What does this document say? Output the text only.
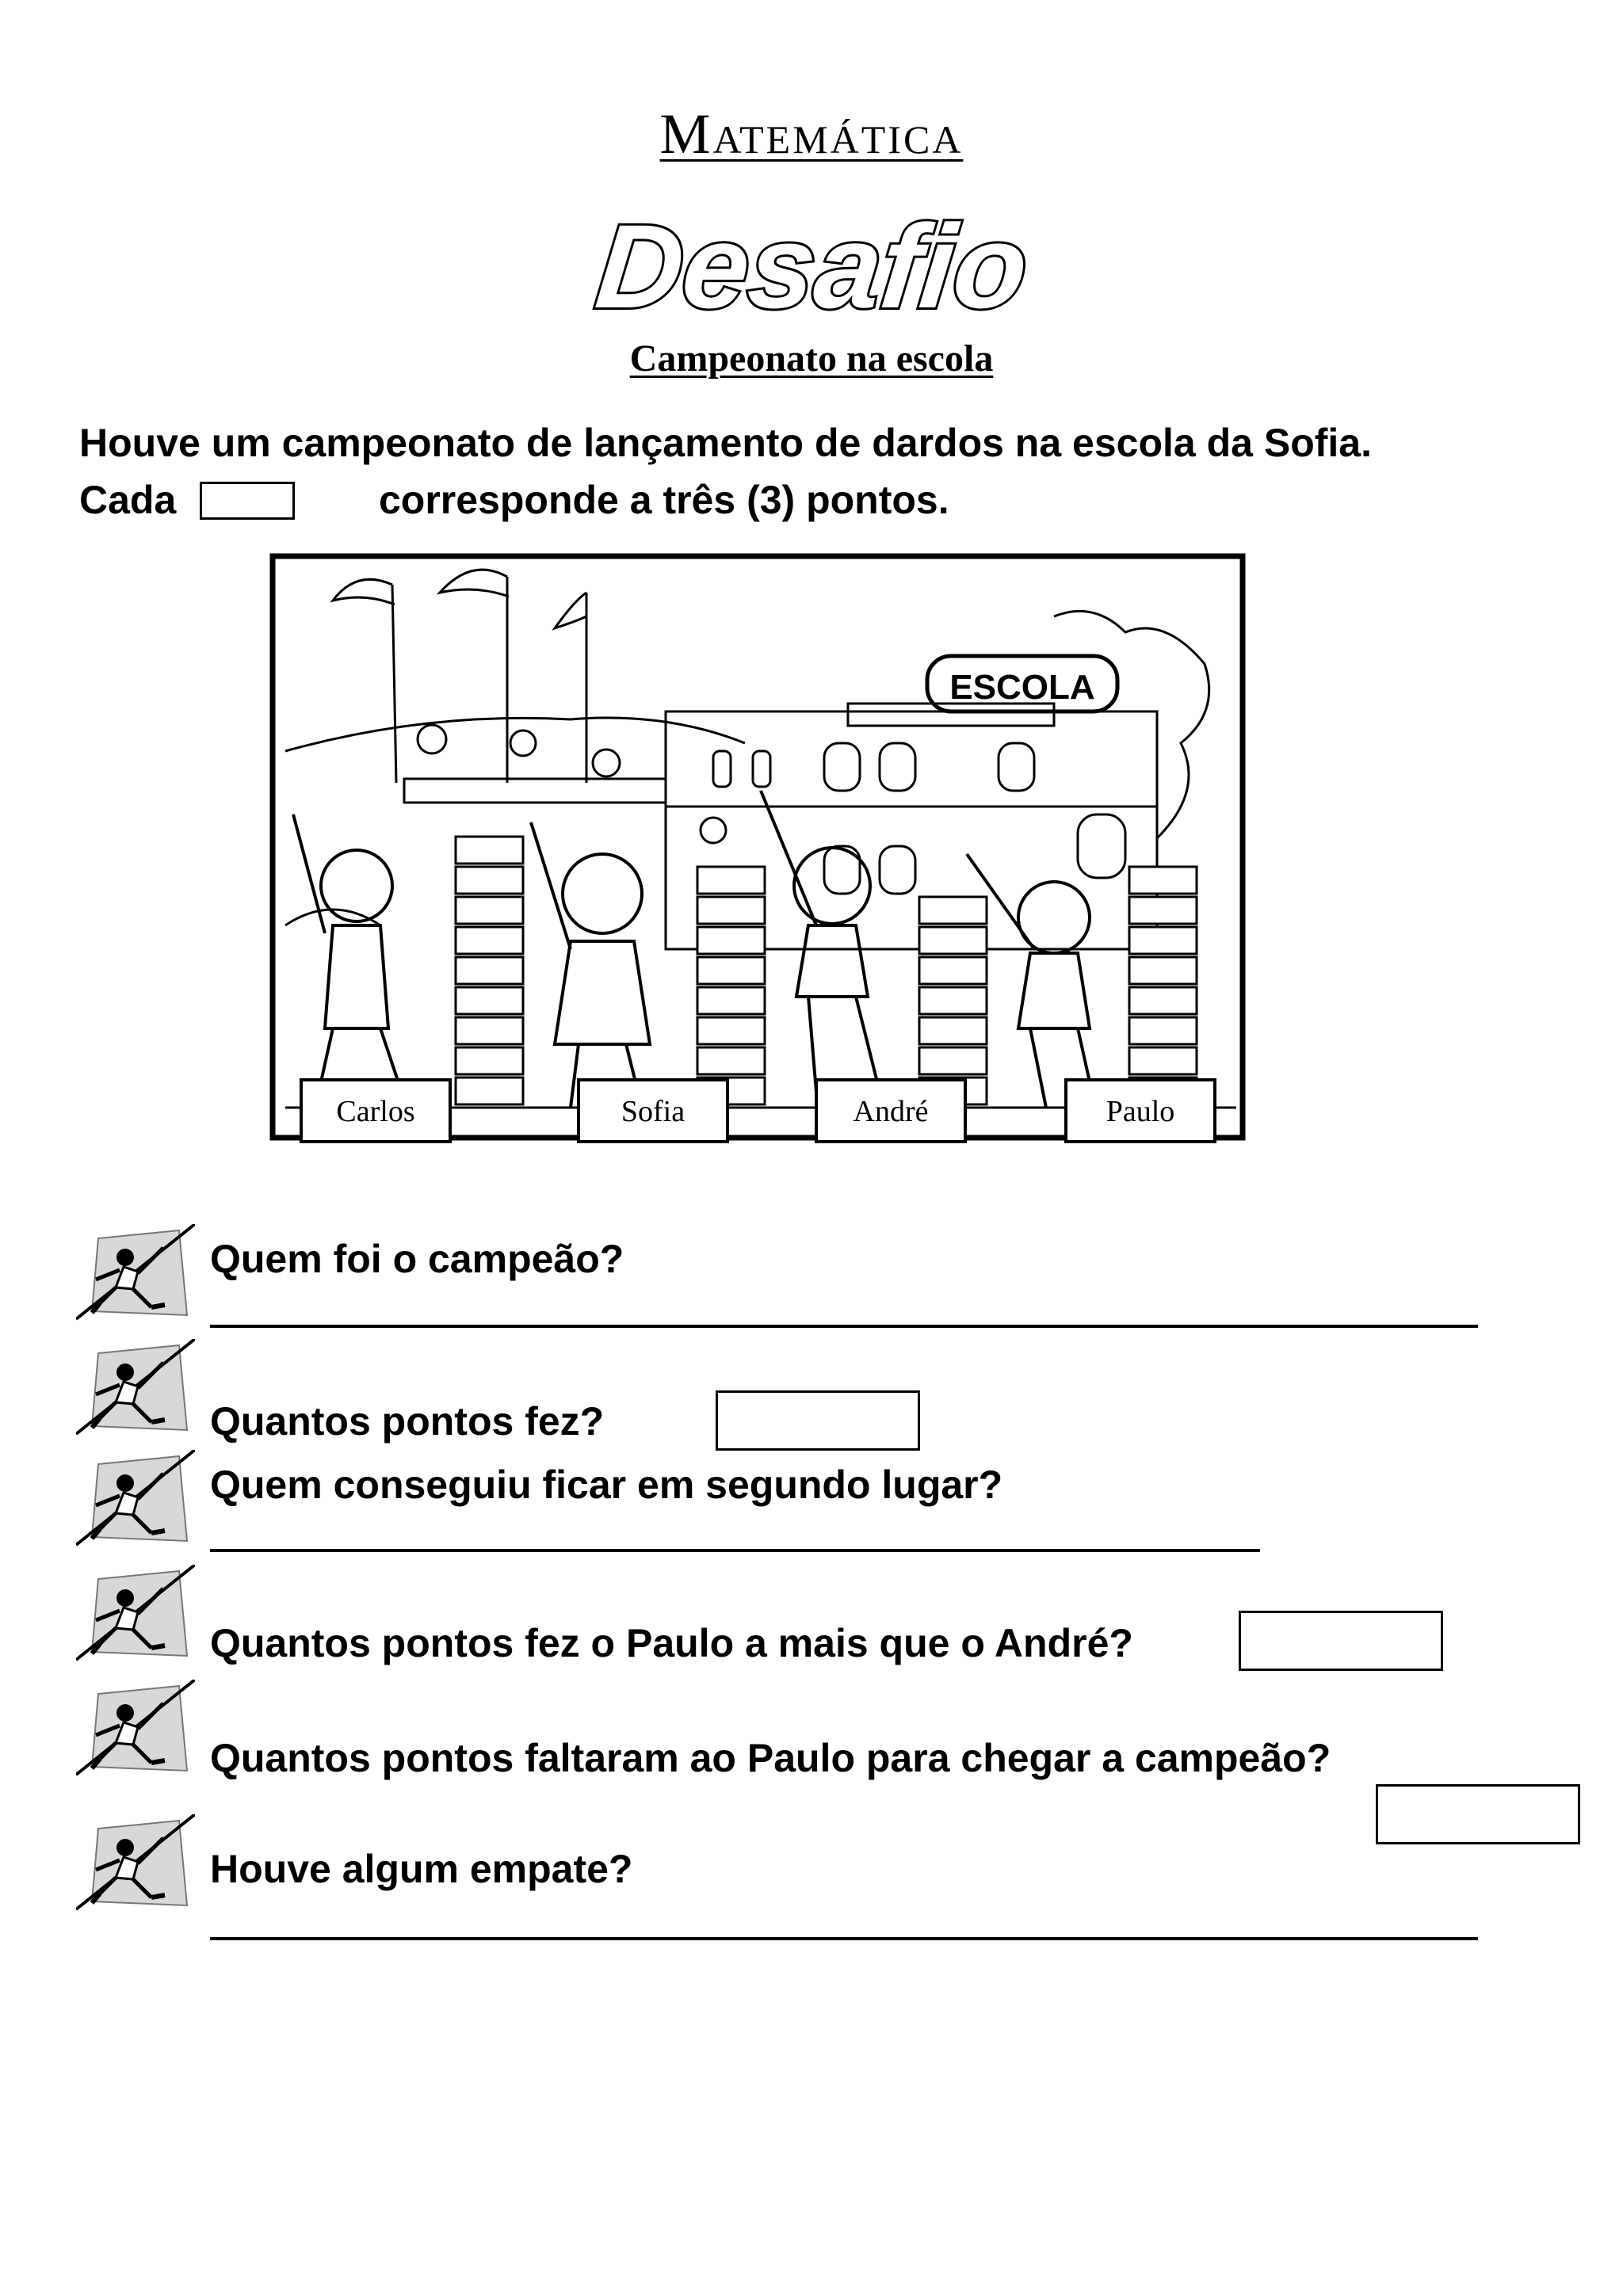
Matemática
Desafio
Campeonato na escola
Houve um campeonato de lançamento de dardos na escola da Sofia.
Cada	corresponde a três (3) pontos.
ESCOLA
Carlos	Sofia	André	Paulo
Quem foi o campeão?
Quantos pontos fez?
Quem conseguiu ficar em segundo lugar?
Quantos pontos fez o Paulo a mais que o André?
Quantos pontos faltaram ao Paulo para chegar a campeão?
Houve algum empate?
